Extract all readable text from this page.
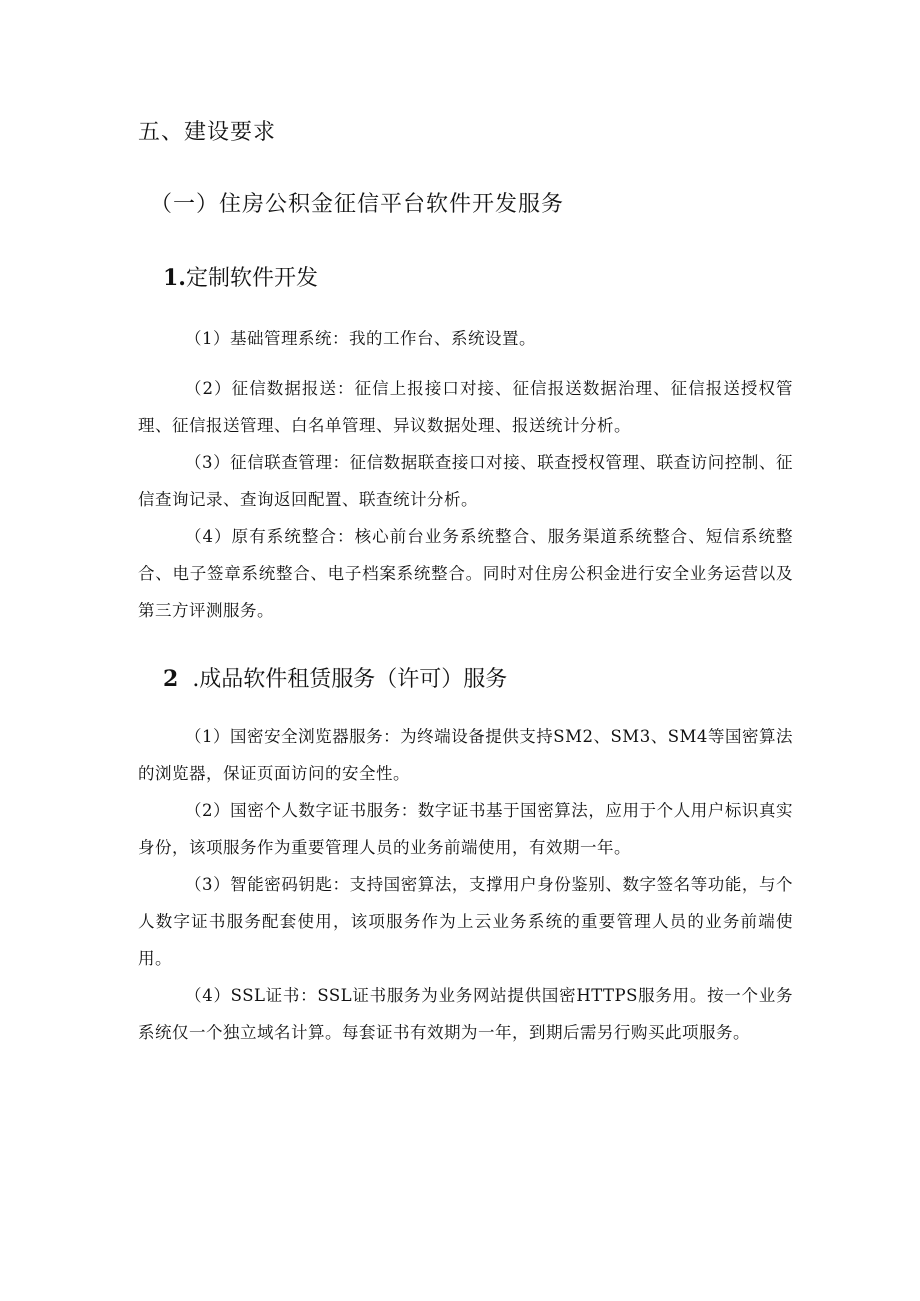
五、建设要求
（一）住房公积金征信平台软件开发服务
1.定制软件开发
（1）基础管理系统：我的工作台、系统设置。
（2）征信数据报送：征信上报接口对接、征信报送数据治理、征信报送授权管理、征信报送管理、白名单管理、异议数据处理、报送统计分析。
（3）征信联查管理：征信数据联查接口对接、联查授权管理、联查访问控制、征信查询记录、查询返回配置、联查统计分析。
（4）原有系统整合：核心前台业务系统整合、服务渠道系统整合、短信系统整合、电子签章系统整合、电子档案系统整合。同时对住房公积金进行安全业务运营以及第三方评测服务。
2 .成品软件租赁服务（许可）服务
（1）国密安全浏览器服务：为终端设备提供支持SM2、SM3、SM4等国密算法的浏览器，保证页面访问的安全性。
（2）国密个人数字证书服务：数字证书基于国密算法，应用于个人用户标识真实身份，该项服务作为重要管理人员的业务前端使用，有效期一年。
（3）智能密码钥匙：支持国密算法，支撑用户身份鉴别、数字签名等功能，与个人数字证书服务配套使用，该项服务作为上云业务系统的重要管理人员的业务前端使用。
（4）SSL证书：SSL证书服务为业务网站提供国密HTTPS服务用。按一个业务系统仅一个独立域名计算。每套证书有效期为一年，到期后需另行购买此项服务。
